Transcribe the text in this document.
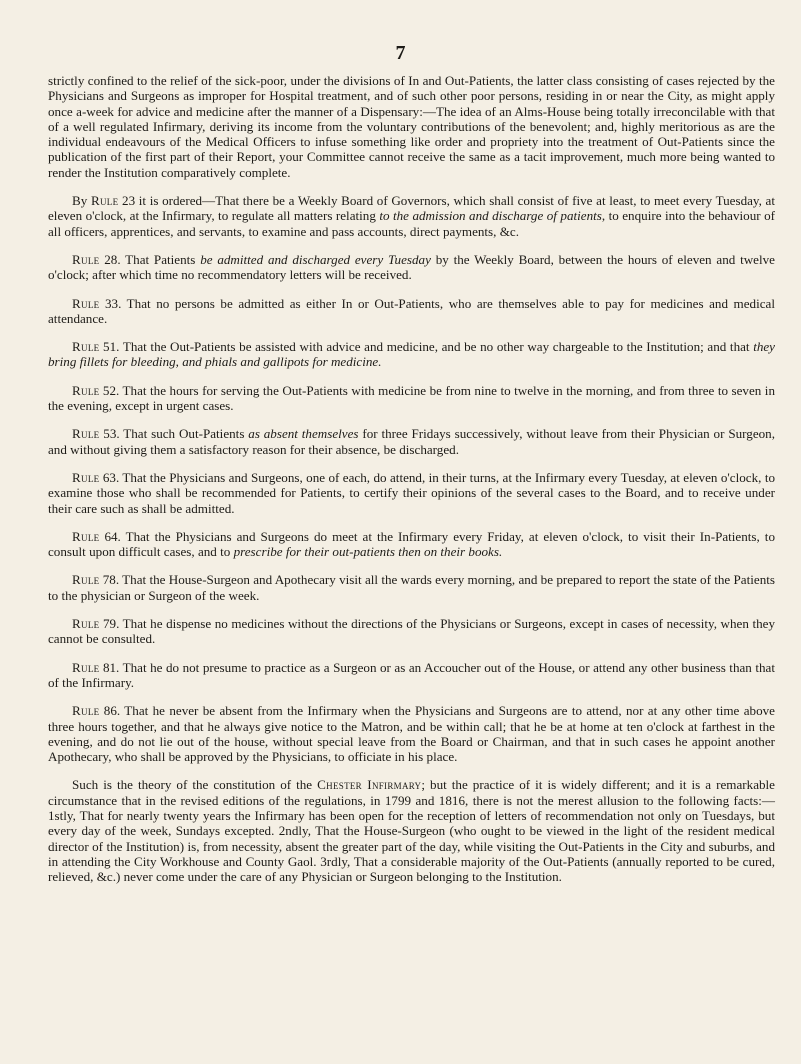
7

strictly confined to the relief of the sick-poor, under the divisions of In and Out-Patients, the latter class consisting of cases rejected by the Physicians and Surgeons as improper for Hospital treatment, and of such other poor persons, residing in or near the City, as might apply once a-week for advice and medicine after the manner of a Dispensary:—The idea of an Alms-House being totally irreconcilable with that of a well regulated Infirmary, deriving its income from the voluntary contributions of the benevolent; and, highly meritorious as are the individual endeavours of the Medical Officers to infuse something like order and propriety into the treatment of Out-Patients since the publication of the first part of their Report, your Committee cannot receive the same as a tacit improvement, much more being wanted to render the Institution comparatively complete.

By Rule 23 it is ordered—That there be a Weekly Board of Governors, which shall consist of five at least, to meet every Tuesday, at eleven o'clock, at the Infirmary, to regulate all matters relating to the admission and discharge of patients, to enquire into the behaviour of all officers, apprentices, and servants, to examine and pass accounts, direct payments, &c.

Rule 28. That Patients be admitted and discharged every Tuesday by the Weekly Board, between the hours of eleven and twelve o'clock; after which time no recommendatory letters will be received.

Rule 33. That no persons be admitted as either In or Out-Patients, who are themselves able to pay for medicines and medical attendance.

Rule 51. That the Out-Patients be assisted with advice and medicine, and be no other way chargeable to the Institution; and that they bring fillets for bleeding, and phials and gallipots for medicine.

Rule 52. That the hours for serving the Out-Patients with medicine be from nine to twelve in the morning, and from three to seven in the evening, except in urgent cases.

Rule 53. That such Out-Patients as absent themselves for three Fridays successively, without leave from their Physician or Surgeon, and without giving them a satisfactory reason for their absence, be discharged.

Rule 63. That the Physicians and Surgeons, one of each, do attend, in their turns, at the Infirmary every Tuesday, at eleven o'clock, to examine those who shall be recommended for Patients, to certify their opinions of the several cases to the Board, and to receive under their care such as shall be admitted.

Rule 64. That the Physicians and Surgeons do meet at the Infirmary every Friday, at eleven o'clock, to visit their In-Patients, to consult upon difficult cases, and to prescribe for their out-patients then on their books.

Rule 78. That the House-Surgeon and Apothecary visit all the wards every morning, and be prepared to report the state of the Patients to the physician or Surgeon of the week.

Rule 79. That he dispense no medicines without the directions of the Physicians or Surgeons, except in cases of necessity, when they cannot be consulted.

Rule 81. That he do not presume to practice as a Surgeon or as an Accoucher out of the House, or attend any other business than that of the Infirmary.

Rule 86. That he never be absent from the Infirmary when the Physicians and Surgeons are to attend, nor at any other time above three hours together, and that he always give notice to the Matron, and be within call; that he be at home at ten o'clock at farthest in the evening, and do not lie out of the house, without special leave from the Board or Chairman, and that in such cases he appoint another Apothecary, who shall be approved by the Physicians, to officiate in his place.

Such is the theory of the constitution of the Chester Infirmary; but the practice of it is widely different; and it is a remarkable circumstance that in the revised editions of the regulations, in 1799 and 1816, there is not the merest allusion to the following facts:—1stly, That for nearly twenty years the Infirmary has been open for the reception of letters of recommendation not only on Tuesdays, but every day of the week, Sundays excepted. 2ndly, That the House-Surgeon (who ought to be viewed in the light of the resident medical director of the Institution) is, from necessity, absent the greater part of the day, while visiting the Out-Patients in the City and suburbs, and in attending the City Workhouse and County Gaol. 3rdly, That a considerable majority of the Out-Patients (annually reported to be cured, relieved, &c.) never come under the care of any Physician or Surgeon belonging to the Institution.
